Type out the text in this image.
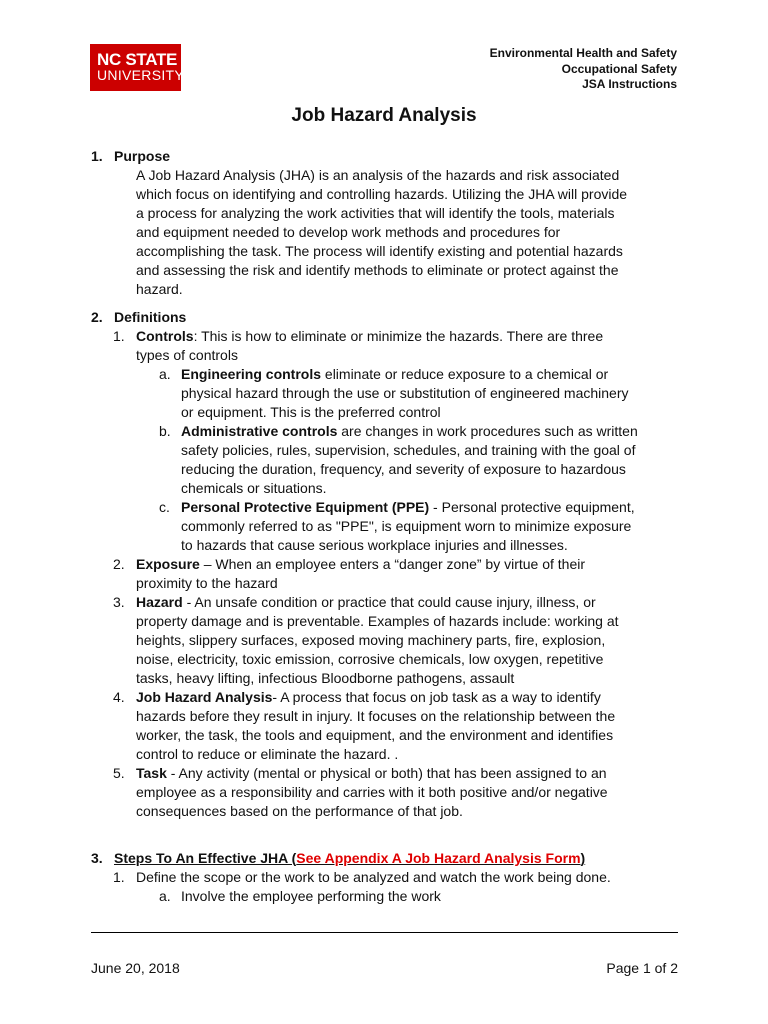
NC STATE
UNIVERSITY
Environmental Health and Safety
Occupational Safety
JSA Instructions
Job Hazard Analysis
1. Purpose
A Job Hazard Analysis (JHA) is an analysis of the hazards and risk associated
which focus on identifying and controlling hazards. Utilizing the JHA will provide
a process for analyzing the work activities that will identify the tools, materials
and equipment needed to develop work methods and procedures for
accomplishing the task. The process will identify existing and potential hazards
and assessing the risk and identify methods to eliminate or protect against the
hazard.
2. Definitions
1. Controls: This is how to eliminate or minimize the hazards. There are three
types of controls
a. Engineering controls eliminate or reduce exposure to a chemical or
physical hazard through the use or substitution of engineered machinery
or equipment. This is the preferred control
b. Administrative controls are changes in work procedures such as written
safety policies, rules, supervision, schedules, and training with the goal of
reducing the duration, frequency, and severity of exposure to hazardous
chemicals or situations.
c. Personal Protective Equipment (PPE) - Personal protective equipment,
commonly referred to as "PPE", is equipment worn to minimize exposure
to hazards that cause serious workplace injuries and illnesses.
2. Exposure – When an employee enters a “danger zone” by virtue of their
proximity to the hazard
3. Hazard - An unsafe condition or practice that could cause injury, illness, or
property damage and is preventable. Examples of hazards include: working at
heights, slippery surfaces, exposed moving machinery parts, fire, explosion,
noise, electricity, toxic emission, corrosive chemicals, low oxygen, repetitive
tasks, heavy lifting, infectious Bloodborne pathogens, assault
4. Job Hazard Analysis- A process that focus on job task as a way to identify
hazards before they result in injury. It focuses on the relationship between the
worker, the task, the tools and equipment, and the environment and identifies
control to reduce or eliminate the hazard. .
5. Task - Any activity (mental or physical or both) that has been assigned to an
employee as a responsibility and carries with it both positive and/or negative
consequences based on the performance of that job.
3. Steps To An Effective JHA (See Appendix A Job Hazard Analysis Form)
1. Define the scope or the work to be analyzed and watch the work being done.
a. Involve the employee performing the work
June 20, 2018	Page 1 of 2
